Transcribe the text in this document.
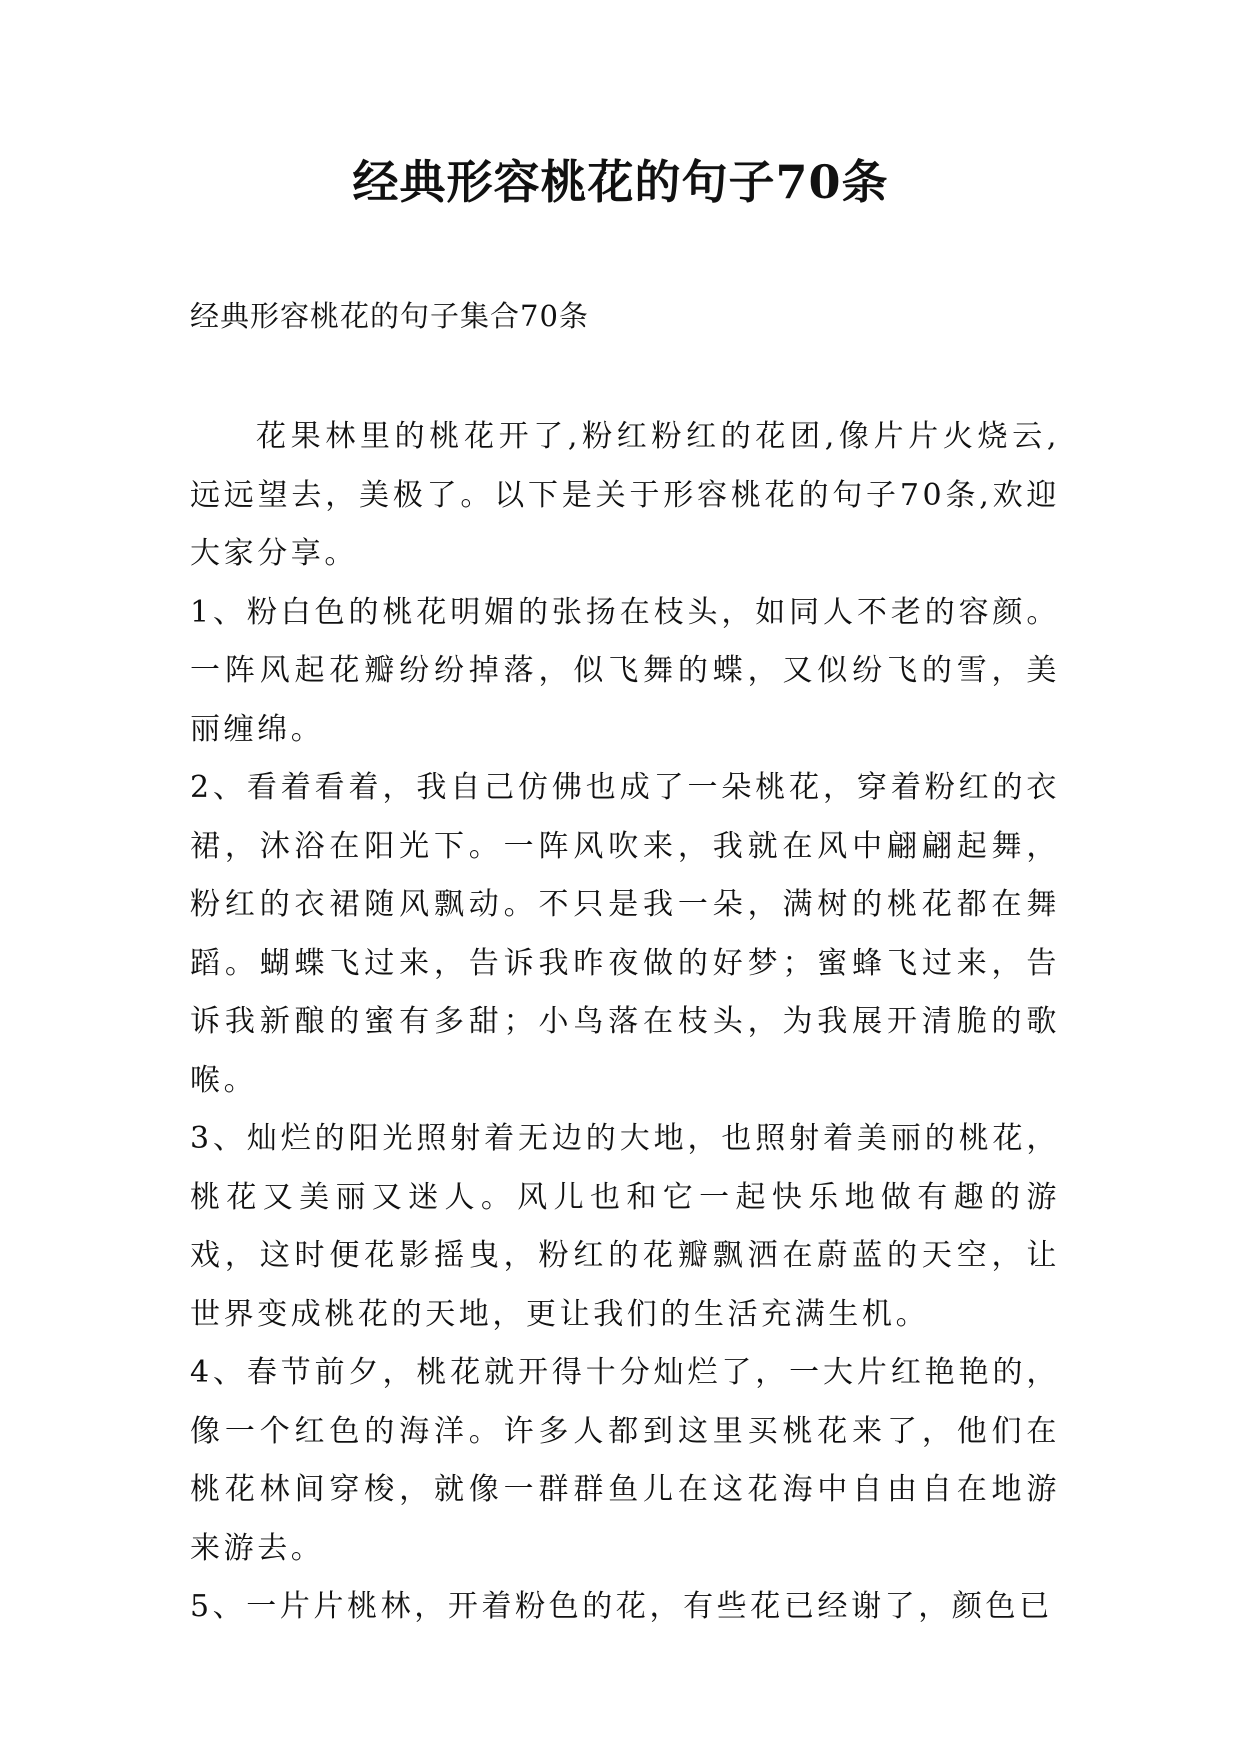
经典形容桃花的句子70条
经典形容桃花的句子集合70条

花果林里的桃花开了,粉红粉红的花团,像片片火烧云,远远望去，美极了。以下是关于形容桃花的句子70条,欢迎大家分享。

1、粉白色的桃花明媚的张扬在枝头，如同人不老的容颜。一阵风起花瓣纷纷掉落，似飞舞的蝶，又似纷飞的雪，美丽缠绵。

2、看着看着，我自己仿佛也成了一朵桃花，穿着粉红的衣裙，沐浴在阳光下。一阵风吹来，我就在风中翩翩起舞，粉红的衣裙随风飘动。不只是我一朵，满树的桃花都在舞蹈。蝴蝶飞过来，告诉我昨夜做的好梦；蜜蜂飞过来，告诉我新酿的蜜有多甜；小鸟落在枝头，为我展开清脆的歌喉。

3、灿烂的阳光照射着无边的大地，也照射着美丽的桃花，桃花又美丽又迷人。风儿也和它一起快乐地做有趣的游戏，这时便花影摇曳，粉红的花瓣飘洒在蔚蓝的天空，让世界变成桃花的天地，更让我们的生活充满生机。

4、春节前夕，桃花就开得十分灿烂了，一大片红艳艳的，像一个红色的海洋。许多人都到这里买桃花来了，他们在桃花林间穿梭，就像一群群鱼儿在这花海中自由自在地游来游去。

5、一片片桃林，开着粉色的花，有些花已经谢了，颜色已
